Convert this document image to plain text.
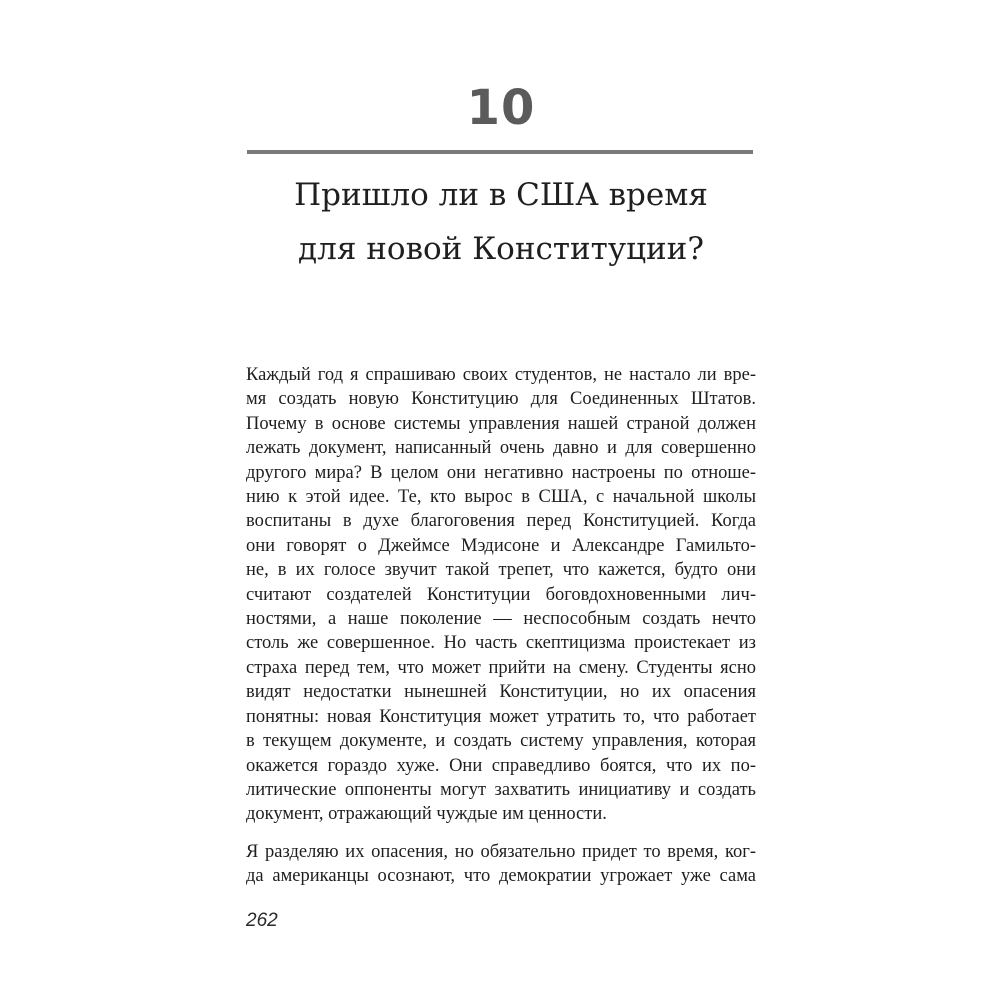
10
Пришло ли в США время
для новой Конституции?
Каждый год я спрашиваю своих студентов, не настало ли вре-
мя создать новую Конституцию для Соединенных Штатов.
Почему в основе системы управления нашей страной должен
лежать документ, написанный очень давно и для совершенно
другого мира? В целом они негативно настроены по отноше-
нию к этой идее. Те, кто вырос в США, с начальной школы
воспитаны в духе благоговения перед Конституцией. Когда
они говорят о Джеймсе Мэдисоне и Александре Гамильто-
не, в их голосе звучит такой трепет, что кажется, будто они
считают создателей Конституции боговдохновенными лич-
ностями, а наше поколение — неспособным создать нечто
столь же совершенное. Но часть скептицизма проистекает из
страха перед тем, что может прийти на смену. Студенты ясно
видят недостатки нынешней Конституции, но их опасения
понятны: новая Конституция может утратить то, что работает
в текущем документе, и создать систему управления, которая
окажется гораздо хуже. Они справедливо боятся, что их по-
литические оппоненты могут захватить инициативу и создать
документ, отражающий чуждые им ценности.
Я разделяю их опасения, но обязательно придет то время, ког-
да американцы осознают, что демократии угрожает уже сама
262
